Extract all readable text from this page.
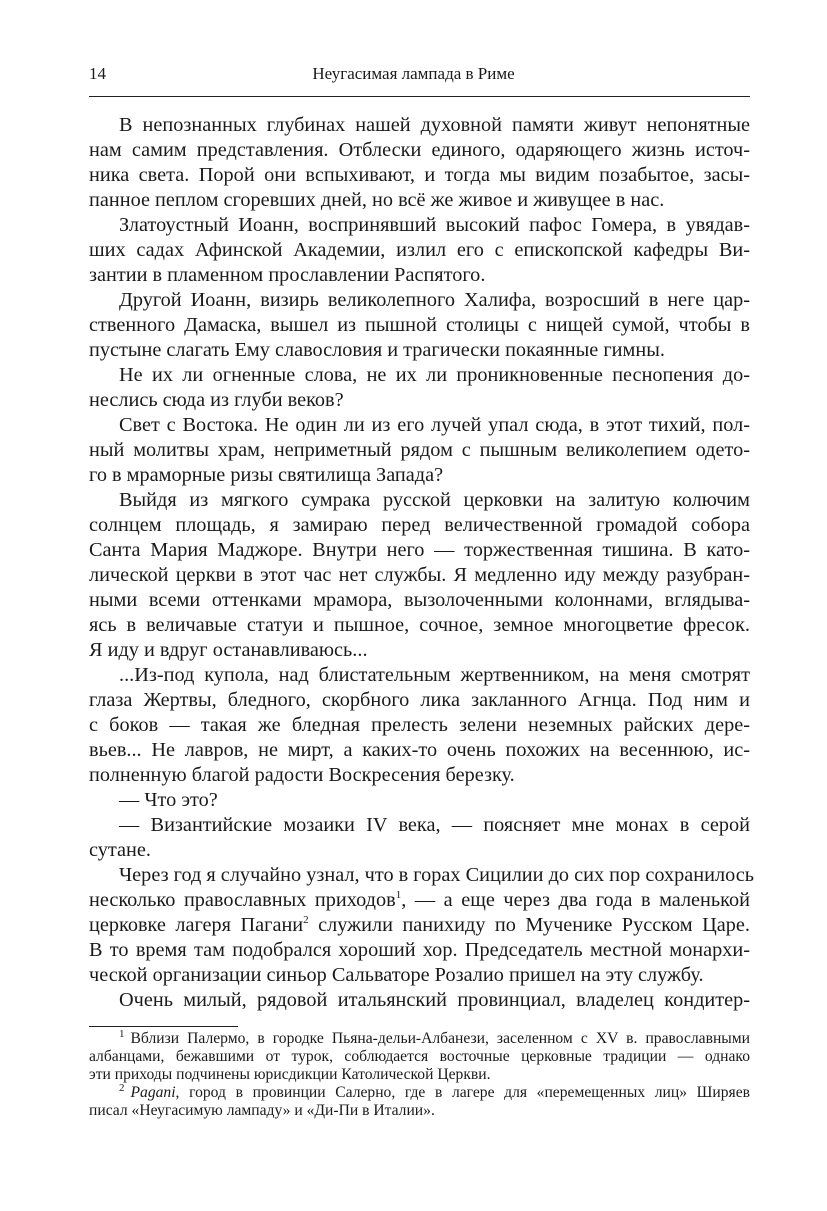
14	Неугасимая лампада в Риме
В непознанных глубинах нашей духовной памяти живут непонятные
нам самим представления. Отблески единого, одаряющего жизнь источ-
ника света. Порой они вспыхивают, и тогда мы видим позабытое, засы-
панное пеплом сгоревших дней, но всё же живое и живущее в нас.
Златоустный Иоанн, воспринявший высокий пафос Гомера, в увядав-
ших садах Афинской Академии, излил его с епископской кафедры Ви-
зантии в пламенном прославлении Распятого.
Другой Иоанн, визирь великолепного Халифа, возросший в неге цар-
ственного Дамаска, вышел из пышной столицы с нищей сумой, чтобы в
пустыне слагать Ему славословия и трагически покаянные гимны.
Не их ли огненные слова, не их ли проникновенные песнопения до-
неслись сюда из глуби веков?
Свет с Востока. Не один ли из его лучей упал сюда, в этот тихий, пол-
ный молитвы храм, неприметный рядом с пышным великолепием одето-
го в мраморные ризы святилища Запада?
Выйдя из мягкого сумрака русской церковки на залитую колючим
солнцем площадь, я замираю перед величественной громадой собора
Санта Мария Маджоре. Внутри него — торжественная тишина. В като-
лической церкви в этот час нет службы. Я медленно иду между разубран-
ными всеми оттенками мрамора, вызолоченными колоннами, вглядыва-
ясь в величавые статуи и пышное, сочное, земное многоцветие фресок.
Я иду и вдруг останавливаюсь...
...Из-под купола, над блистательным жертвенником, на меня смотрят
глаза Жертвы, бледного, скорбного лика закланного Агнца. Под ним и
с боков — такая же бледная прелесть зелени неземных райских дере-
вьев... Не лавров, не мирт, а каких-то очень похожих на весеннюю, ис-
полненную благой радости Воскресения березку.
— Что это?
— Византийские мозаики IV века, — поясняет мне монах в серой
сутане.
Через год я случайно узнал, что в горах Сицилии до сих пор сохранилось
несколько православных приходов$^1$, — а еще через два года в маленькой
церковке лагеря Пагани$^2$ служили панихиду по Мученике Русском Царе.
В то время там подобрался хороший хор. Председатель местной монархи-
ческой организации синьор Сальваторе Розалио пришел на эту службу.
Очень милый, рядовой итальянский провинциал, владелец кондитер-
$^1$ Вблизи Палермо, в городке Пьяна-дельи-Албанези, заселенном с XV в. православными
албанцами, бежавшими от турок, соблюдается восточные церковные традиции — однако
эти приходы подчинены юрисдикции Католической Церкви.
$^2$ Pagani, город в провинции Салерно, где в лагере для «перемещенных лиц» Ширяев
писал «Неугасимую лампаду» и «Ди-Пи в Италии».
